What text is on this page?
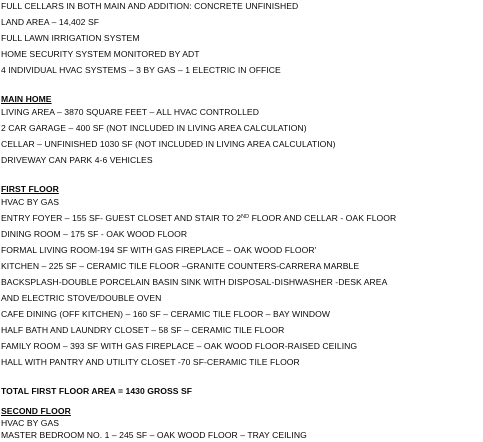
FULL CELLARS IN BOTH MAIN AND ADDITION: CONCRETE UNFINISHED
LAND AREA – 14,402 SF
FULL LAWN IRRIGATION SYSTEM
HOME SECURITY SYSTEM MONITORED BY ADT
4 INDIVIDUAL HVAC SYSTEMS – 3 BY GAS – 1 ELECTRIC IN OFFICE
MAIN HOME
LIVING AREA – 3870 SQUARE FEET – ALL HVAC CONTROLLED
2 CAR GARAGE – 400 SF (NOT INCLUDED IN LIVING AREA CALCULATION)
CELLAR – UNFINISHED 1030 SF (NOT INCLUDED IN LIVING AREA CALCULATION)
DRIVEWAY CAN PARK 4-6 VEHICLES
FIRST FLOOR
HVAC BY GAS
ENTRY FOYER – 155 SF- GUEST CLOSET AND STAIR TO 2ND FLOOR AND CELLAR - OAK FLOOR
DINING ROOM – 175 SF - OAK WOOD FLOOR
FORMAL LIVING ROOM-194 SF WITH GAS FIREPLACE – OAK WOOD FLOOR'
KITCHEN – 225 SF – CERAMIC TILE FLOOR –GRANITE COUNTERS-CARRERA MARBLE
BACKSPLASH-DOUBLE PORCELAIN BASIN SINK WITH DISPOSAL-DISHWASHER -DESK AREA
AND ELECTRIC STOVE/DOUBLE OVEN
CAFE DINING (OFF KITCHEN) – 160 SF – CERAMIC TILE FLOOR – BAY WINDOW
HALF BATH AND LAUNDRY CLOSET – 58 SF – CERAMIC TILE FLOOR
FAMILY ROOM – 393 SF WITH GAS FIREPLACE – OAK WOOD FLOOR-RAISED CEILING
HALL WITH PANTRY AND UTILITY CLOSET -70 SF-CERAMIC TILE FLOOR
TOTAL FIRST FLOOR AREA = 1430 GROSS SF
SECOND FLOOR
HVAC BY GAS
MASTER BEDROOM NO. 1 – 245 SF – OAK WOOD FLOOR – TRAY CEILING
